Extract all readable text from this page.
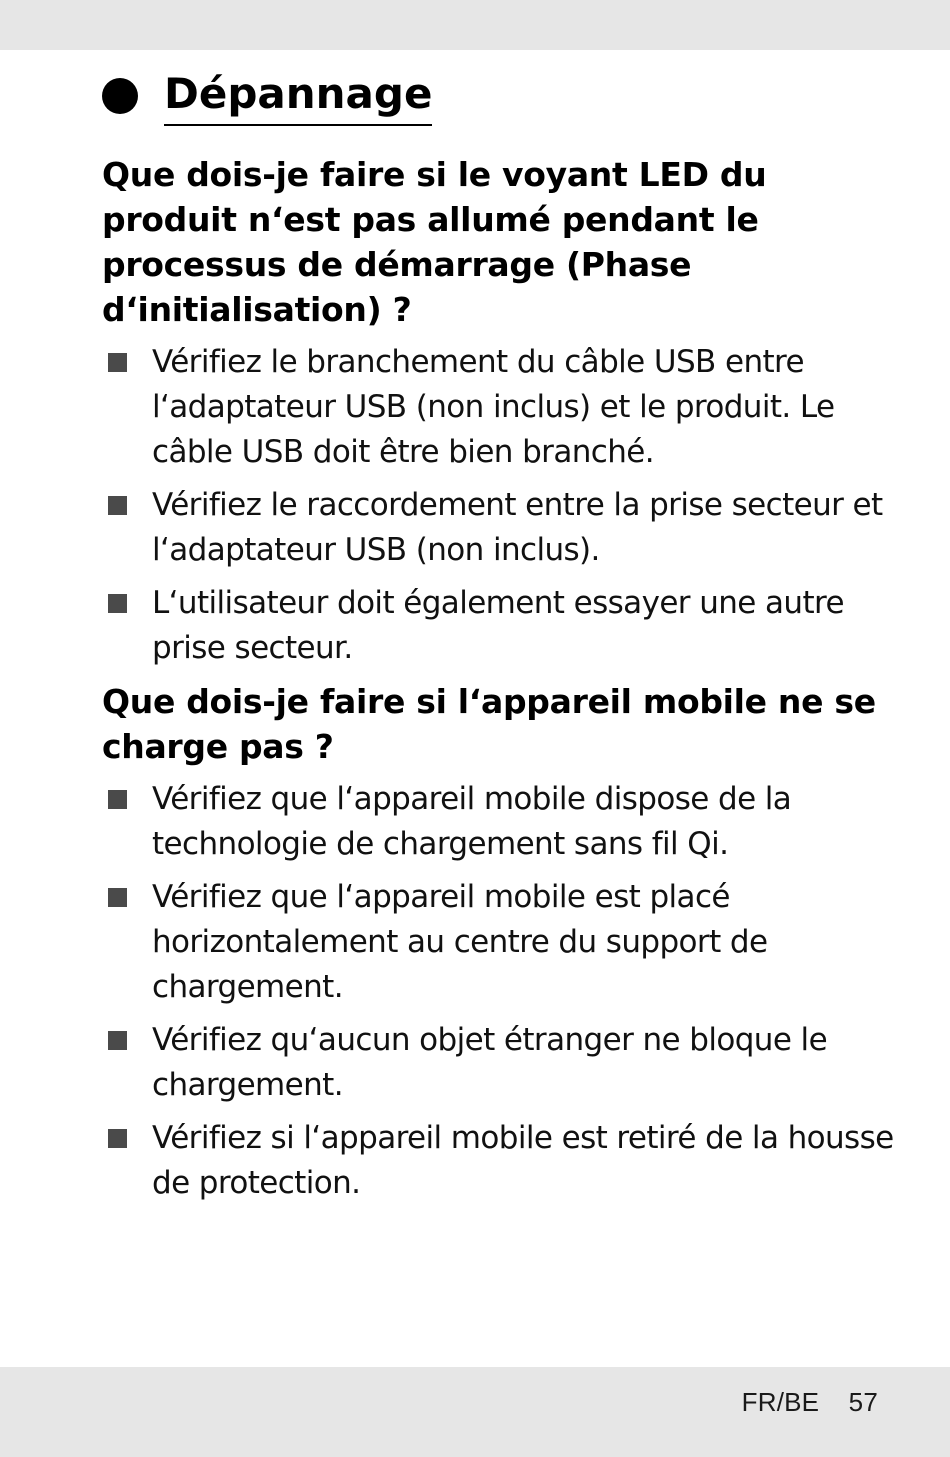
Dépannage
Que dois-je faire si le voyant LED du produit n‘est pas allumé pendant le processus de démarrage (Phase d‘initialisation) ?
Vérifiez le branchement du câble USB entre l‘adaptateur USB (non inclus) et le produit. Le câble USB doit être bien branché.
Vérifiez le raccordement entre la prise secteur et l‘adaptateur USB (non inclus).
L‘utilisateur doit également essayer une autre prise secteur.
Que dois-je faire si l‘appareil mobile ne se charge pas ?
Vérifiez que l‘appareil mobile dispose de la technologie de chargement sans fil Qi.
Vérifiez que l‘appareil mobile est placé horizontalement au centre du support de chargement.
Vérifiez qu‘aucun objet étranger ne bloque le chargement.
Vérifiez si l‘appareil mobile est retiré de la housse de protection.
FR/BE 57
